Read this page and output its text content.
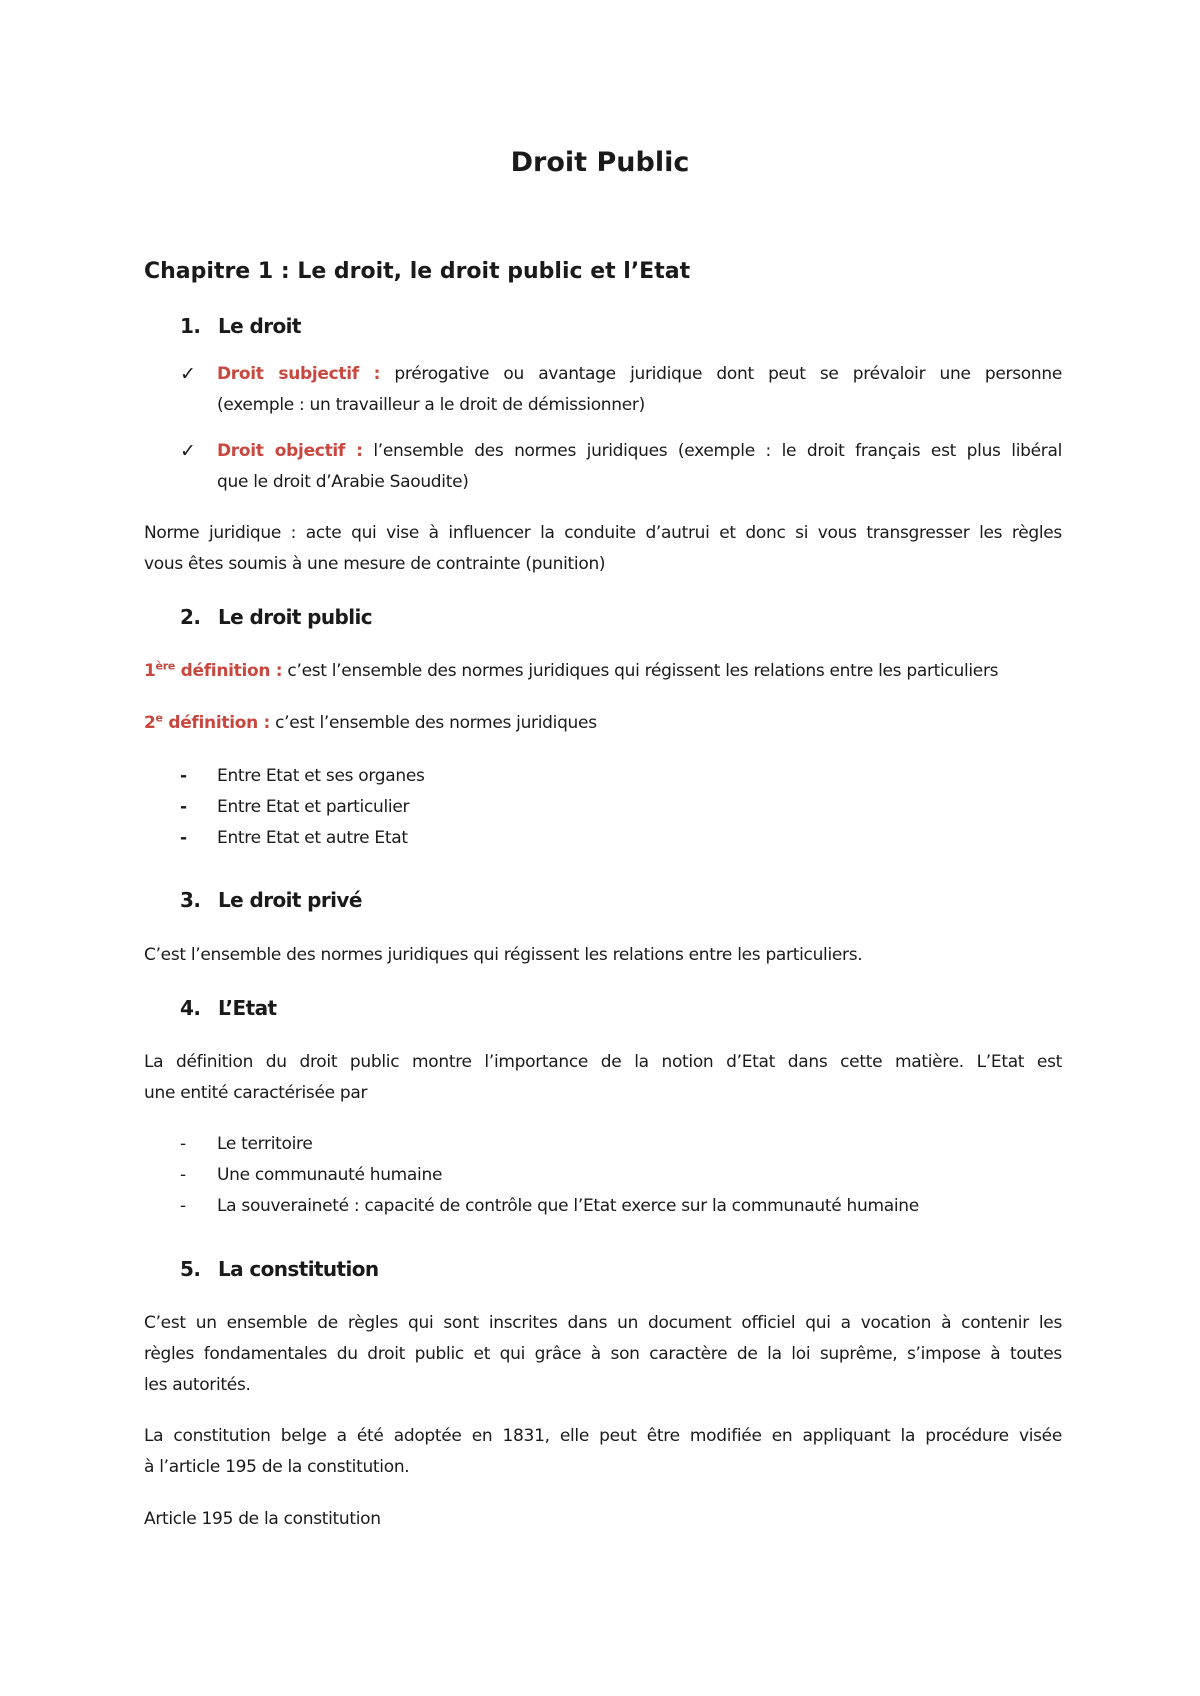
Droit Public
Chapitre 1 : Le droit, le droit public et l’Etat
1. Le droit
✓ Droit subjectif : prérogative ou avantage juridique dont peut se prévaloir une personne
(exemple : un travailleur a le droit de démissionner)
✓ Droit objectif : l’ensemble des normes juridiques (exemple : le droit français est plus libéral
que le droit d’Arabie Saoudite)
Norme juridique : acte qui vise à influencer la conduite d’autrui et donc si vous transgresser les règles
vous êtes soumis à une mesure de contrainte (punition)
2. Le droit public
1ère définition : c’est l’ensemble des normes juridiques qui régissent les relations entre les particuliers
2e définition : c’est l’ensemble des normes juridiques
- Entre Etat et ses organes
- Entre Etat et particulier
- Entre Etat et autre Etat
3. Le droit privé
C’est l’ensemble des normes juridiques qui régissent les relations entre les particuliers.
4. L’Etat
La définition du droit public montre l’importance de la notion d’Etat dans cette matière. L’Etat est
une entité caractérisée par
- Le territoire
- Une communauté humaine
- La souveraineté : capacité de contrôle que l’Etat exerce sur la communauté humaine
5. La constitution
C’est un ensemble de règles qui sont inscrites dans un document officiel qui a vocation à contenir les
règles fondamentales du droit public et qui grâce à son caractère de la loi suprême, s’impose à toutes
les autorités.
La constitution belge a été adoptée en 1831, elle peut être modifiée en appliquant la procédure visée
à l’article 195 de la constitution.
Article 195 de la constitution
